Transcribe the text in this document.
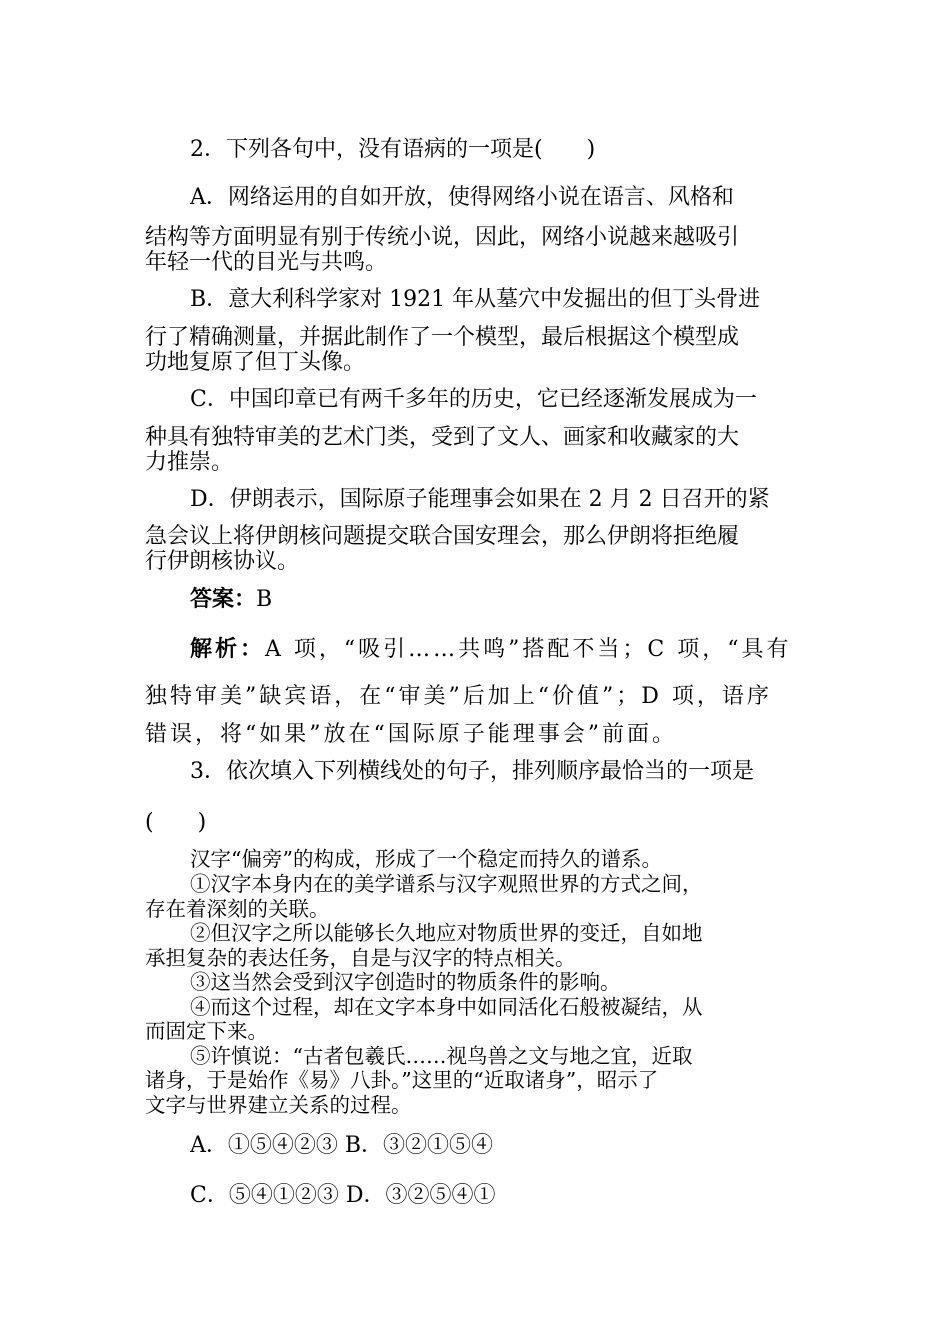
2．下列各句中，没有语病的一项是(　　)
A．网络运用的自如开放，使得网络小说在语言、风格和
结构等方面明显有别于传统小说，因此，网络小说越来越吸引
年轻一代的目光与共鸣。
B．意大利科学家对 1921 年从墓穴中发掘出的但丁头骨进
行了精确测量，并据此制作了一个模型，最后根据这个模型成
功地复原了但丁头像。
C．中国印章已有两千多年的历史，它已经逐渐发展成为一
种具有独特审美的艺术门类，受到了文人、画家和收藏家的大
力推崇。
D．伊朗表示，国际原子能理事会如果在 2 月 2 日召开的紧
急会议上将伊朗核问题提交联合国安理会，那么伊朗将拒绝履
行伊朗核协议。
答案：B
解析：A 项，“吸引……共鸣”搭配不当；C 项，“具有
独特审美”缺宾语，在“审美”后加上“价值”；D 项，语序
错误，将“如果”放在“国际原子能理事会”前面。
3．依次填入下列横线处的句子，排列顺序最恰当的一项是
(　　)
汉字“偏旁”的构成，形成了一个稳定而持久的谱系。
①汉字本身内在的美学谱系与汉字观照世界的方式之间，
存在着深刻的关联。
②但汉字之所以能够长久地应对物质世界的变迁，自如地
承担复杂的表达任务，自是与汉字的特点相关。
③这当然会受到汉字创造时的物质条件的影响。
④而这个过程，却在文字本身中如同活化石般被凝结，从
而固定下来。
⑤许慎说：“古者包羲氏……视鸟兽之文与地之宜，近取
诸身，于是始作《易》八卦。”这里的“近取诸身”，昭示了
文字与世界建立关系的过程。
A．①⑤④②③ B．③②①⑤④
C．⑤④①②③ D．③②⑤④①
